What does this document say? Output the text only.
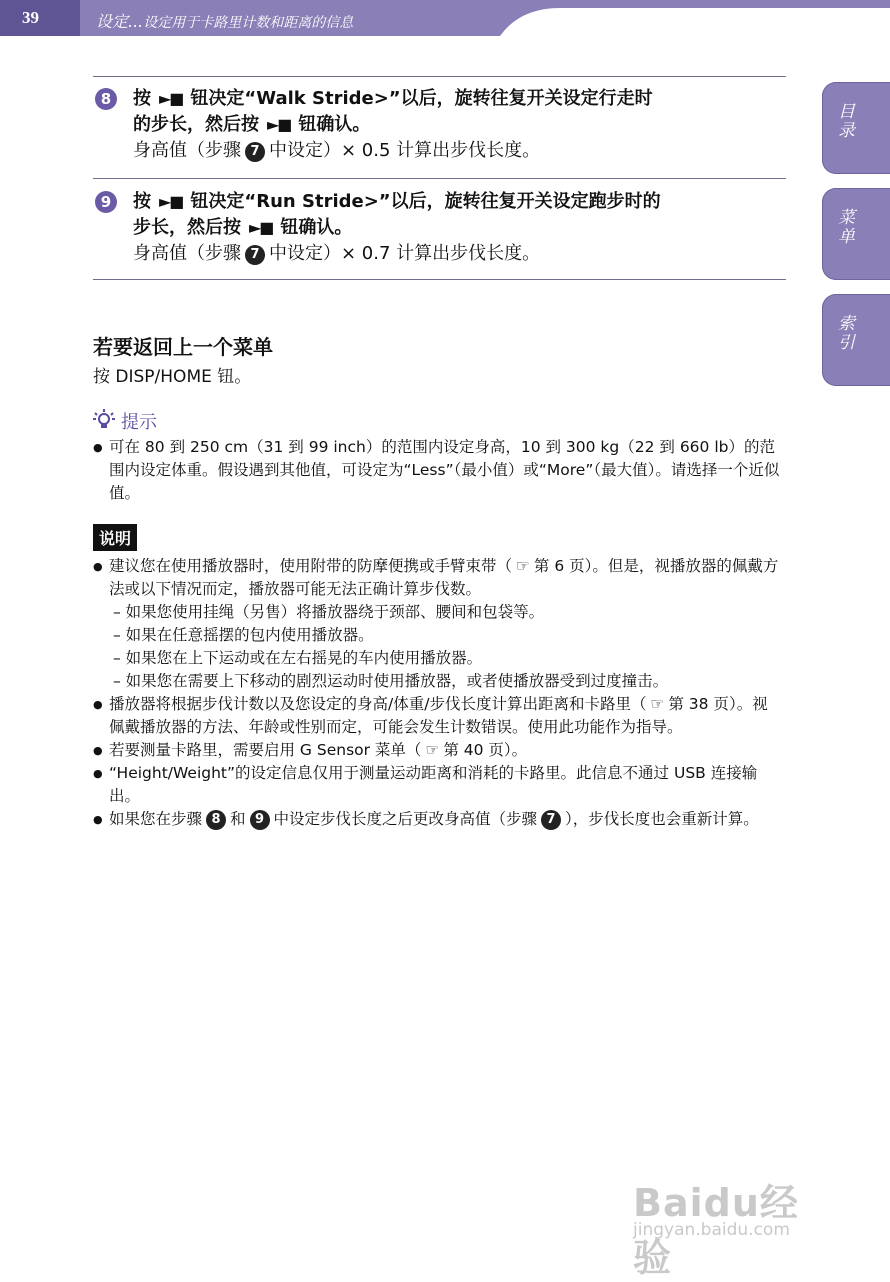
39	设定...设定用于卡路里计数和距离的信息
目录
菜单
索引
8	按 ►■ 钮决定“Walk Stride>”以后，旋转往复开关设定行走时
的步长，然后按 ►■ 钮确认。
身高值（步骤 7 中设定）× 0.5 计算出步伐长度。
9	按 ►■ 钮决定“Run Stride>”以后，旋转往复开关设定跑步时的
步长，然后按 ►■ 钮确认。
身高值（步骤 7 中设定）× 0.7 计算出步伐长度。
若要返回上一个菜单
按 DISP/HOME 钮。
提示
● 可在 80 到 250 cm（31 到 99 inch）的范围内设定身高，10 到 300 kg（22 到 660 lb）的范围内设定体重。假设遇到其他值，可设定为“Less”（最小值）或“More”（最大值）。请选择一个近似值。
说明
● 建议您在使用播放器时，使用附带的防摩便携或手臂束带（ ☞ 第 6 页）。但是，视播放器的佩戴方法或以下情况而定，播放器可能无法正确计算步伐数。
– 如果您使用挂绳（另售）将播放器绕于颈部、腰间和包袋等。
– 如果在任意摇摆的包内使用播放器。
– 如果您在上下运动或在左右摇晃的车内使用播放器。
– 如果您在需要上下移动的剧烈运动时使用播放器，或者使播放器受到过度撞击。
● 播放器将根据步伐计数以及您设定的身高/体重/步伐长度计算出距离和卡路里（ ☞ 第 38 页）。视佩戴播放器的方法、年龄或性别而定，可能会发生计数错误。使用此功能作为指导。
● 若要测量卡路里，需要启用 G Sensor 菜单（ ☞ 第 40 页）。
● “Height/Weight”的设定信息仅用于测量运动距离和消耗的卡路里。此信息不通过 USB 连接输出。
● 如果您在步骤 8 和 9 中设定步伐长度之后更改身高值（步骤 7 ），步伐长度也会重新计算。
Baidu经验
jingyan.baidu.com
